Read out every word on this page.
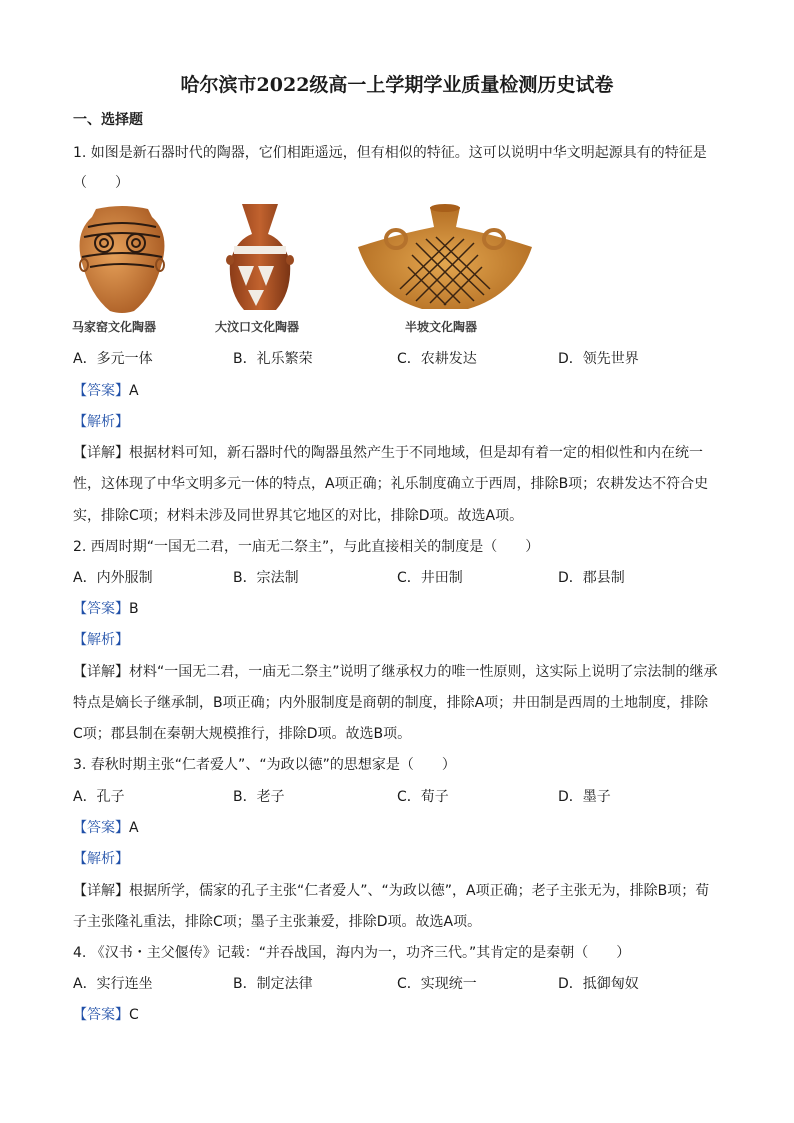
哈尔滨市2022级高一上学期学业质量检测历史试卷
一、选择题
1. 如图是新石器时代的陶器，它们相距遥远，但有相似的特征。这可以说明中华文明起源具有的特征是
（　　）
马家窑文化陶器	大汶口文化陶器	半坡文化陶器
A．多元一体	B．礼乐繁荣	C．农耕发达	D．领先世界
【答案】A
【解析】
【详解】根据材料可知，新石器时代的陶器虽然产生于不同地域，但是却有着一定的相似性和内在统一
性，这体现了中华文明多元一体的特点，A项正确；礼乐制度确立于西周，排除B项；农耕发达不符合史
实，排除C项；材料未涉及同世界其它地区的对比，排除D项。故选A项。
2. 西周时期“一国无二君，一庙无二祭主”，与此直接相关的制度是（　　）
A．内外服制	B．宗法制	C．井田制	D．郡县制
【答案】B
【解析】
【详解】材料“一国无二君，一庙无二祭主”说明了继承权力的唯一性原则，这实际上说明了宗法制的继承
特点是嫡长子继承制，B项正确；内外服制度是商朝的制度，排除A项；井田制是西周的土地制度，排除
C项；郡县制在秦朝大规模推行，排除D项。故选B项。
3. 春秋时期主张“仁者爱人”、“为政以德”的思想家是（　　）
A．孔子	B．老子	C．荀子	D．墨子
【答案】A
【解析】
【详解】根据所学，儒家的孔子主张“仁者爱人”、“为政以德”，A项正确；老子主张无为，排除B项；荀
子主张隆礼重法，排除C项；墨子主张兼爱，排除D项。故选A项。
4. 《汉书・主父偃传》记载：“并吞战国，海内为一，功齐三代。”其肯定的是秦朝（　　）
A．实行连坐	B．制定法律	C．实现统一	D．抵御匈奴
【答案】C
